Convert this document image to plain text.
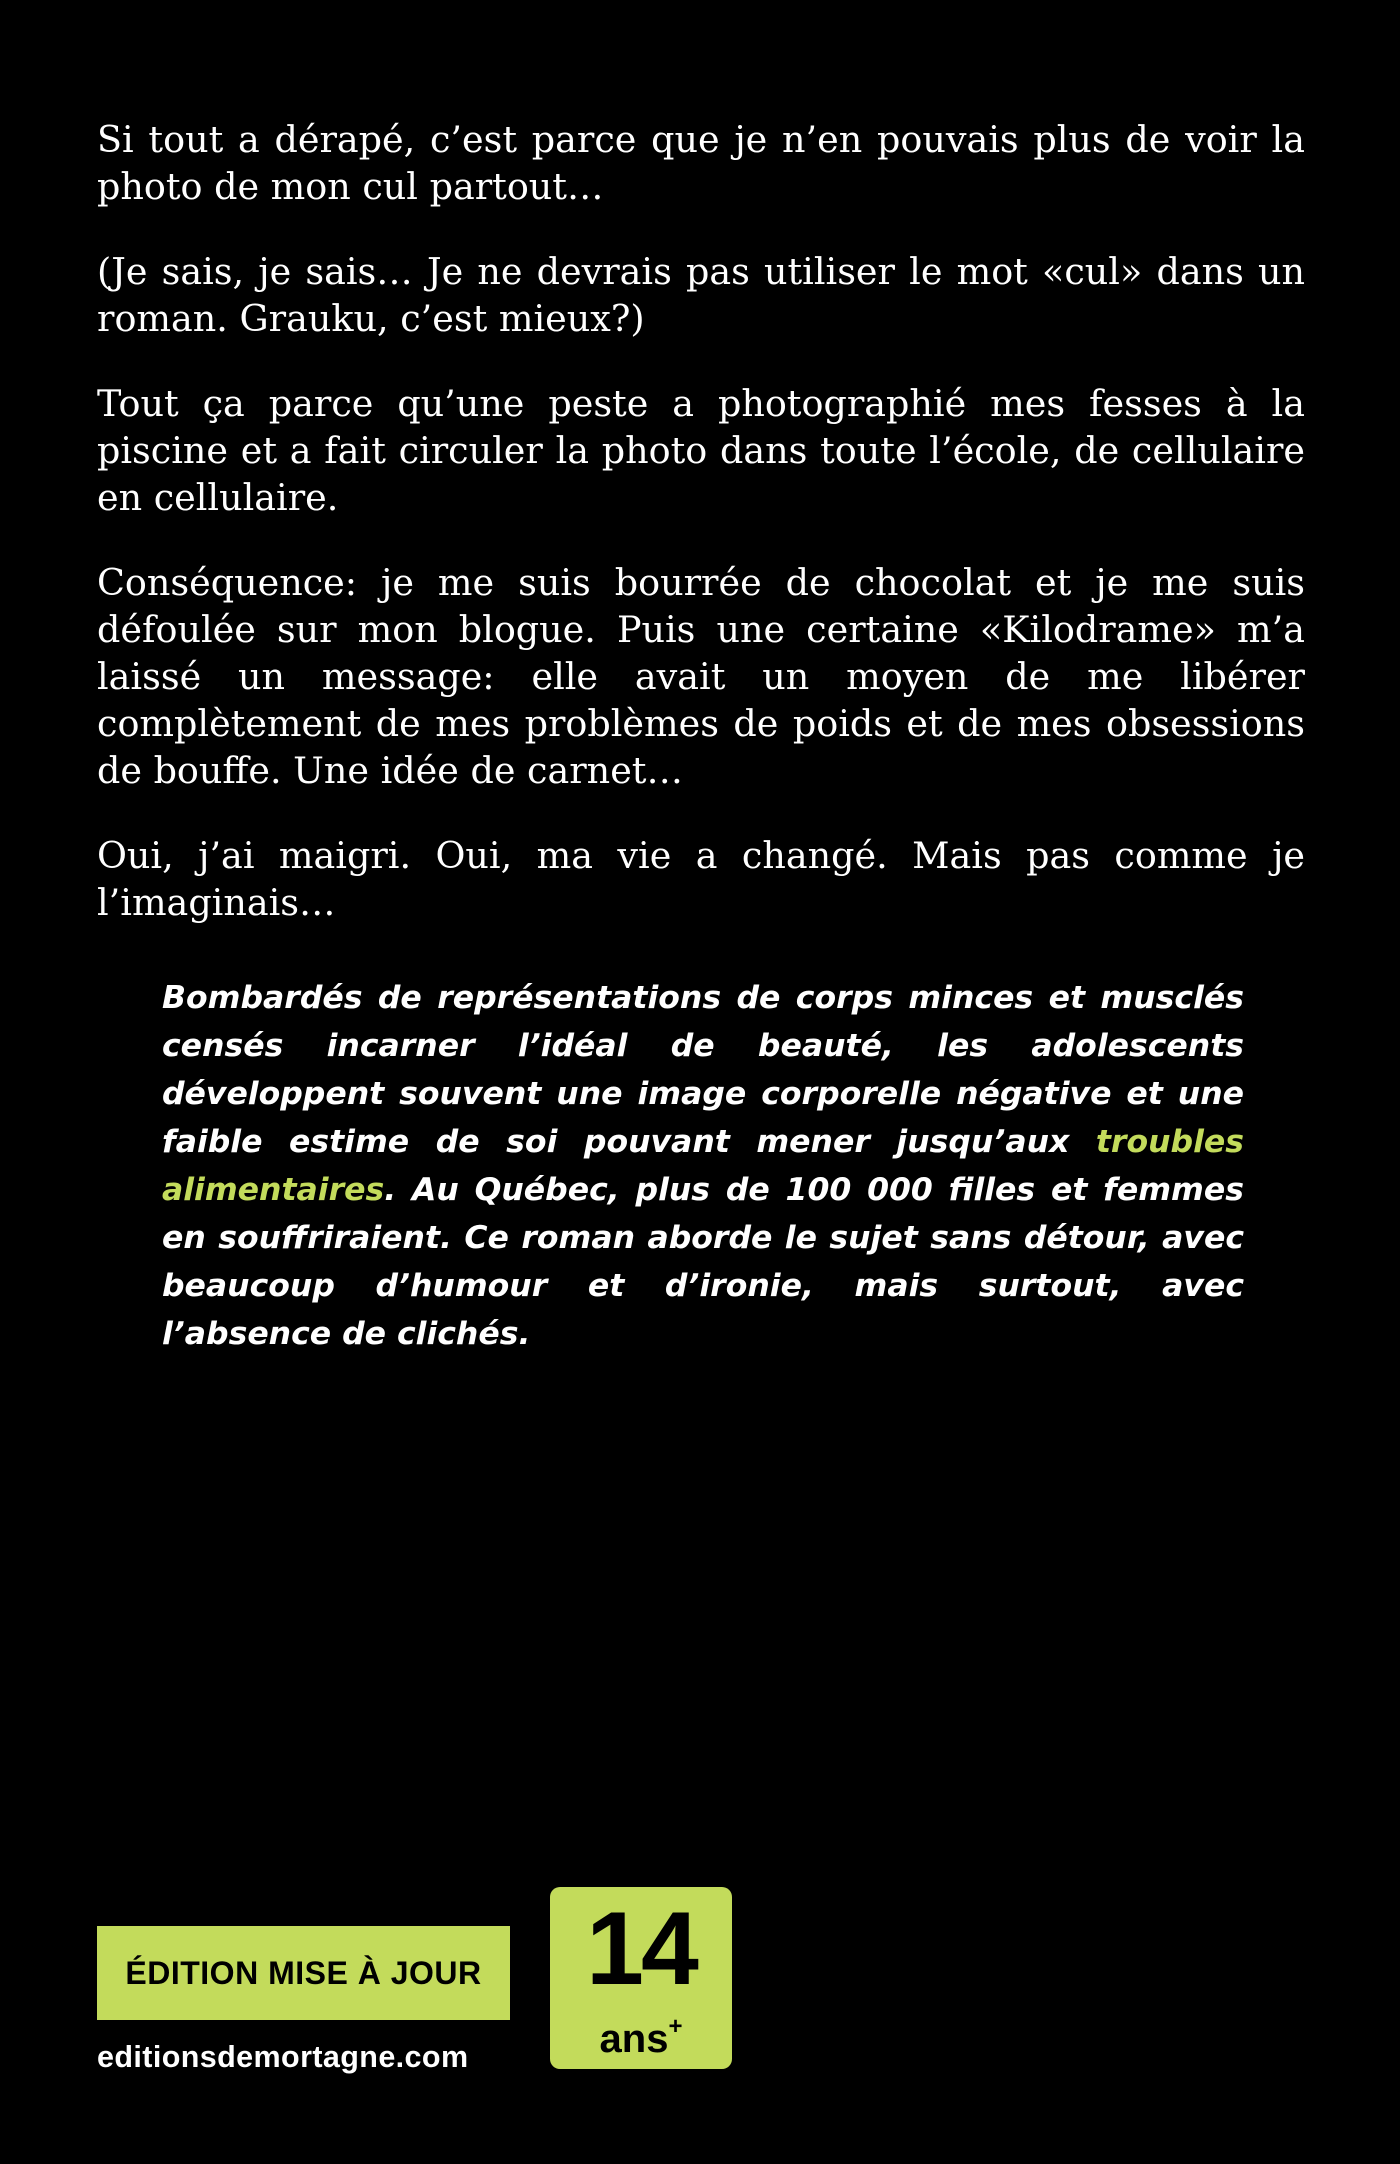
Si tout a dérapé, c’est parce que je n’en pouvais plus de voir la photo de mon cul partout…

(Je sais, je sais… Je ne devrais pas utiliser le mot «cul» dans un roman. Grauku, c’est mieux?)

Tout ça parce qu’une peste a photographié mes fesses à la piscine et a fait circuler la photo dans toute l’école, de cellulaire en cellulaire.

Conséquence: je me suis bourrée de chocolat et je me suis défoulée sur mon blogue. Puis une certaine «Kilodrame» m’a laissé un message: elle avait un moyen de me libérer complètement de mes problèmes de poids et de mes obsessions de bouffe. Une idée de carnet…

Oui, j’ai maigri. Oui, ma vie a changé. Mais pas comme je l’imaginais…

Bombardés de représentations de corps minces et musclés censés incarner l’idéal de beauté, les adolescents développent souvent une image corporelle négative et une faible estime de soi pouvant mener jusqu’aux troubles alimentaires. Au Québec, plus de 100 000 filles et femmes en souffriraient. Ce roman aborde le sujet sans détour, avec beaucoup d’humour et d’ironie, mais surtout, avec l’absence de clichés.

ÉDITION MISE À JOUR
editionsdemortagne.com
14
ans+
